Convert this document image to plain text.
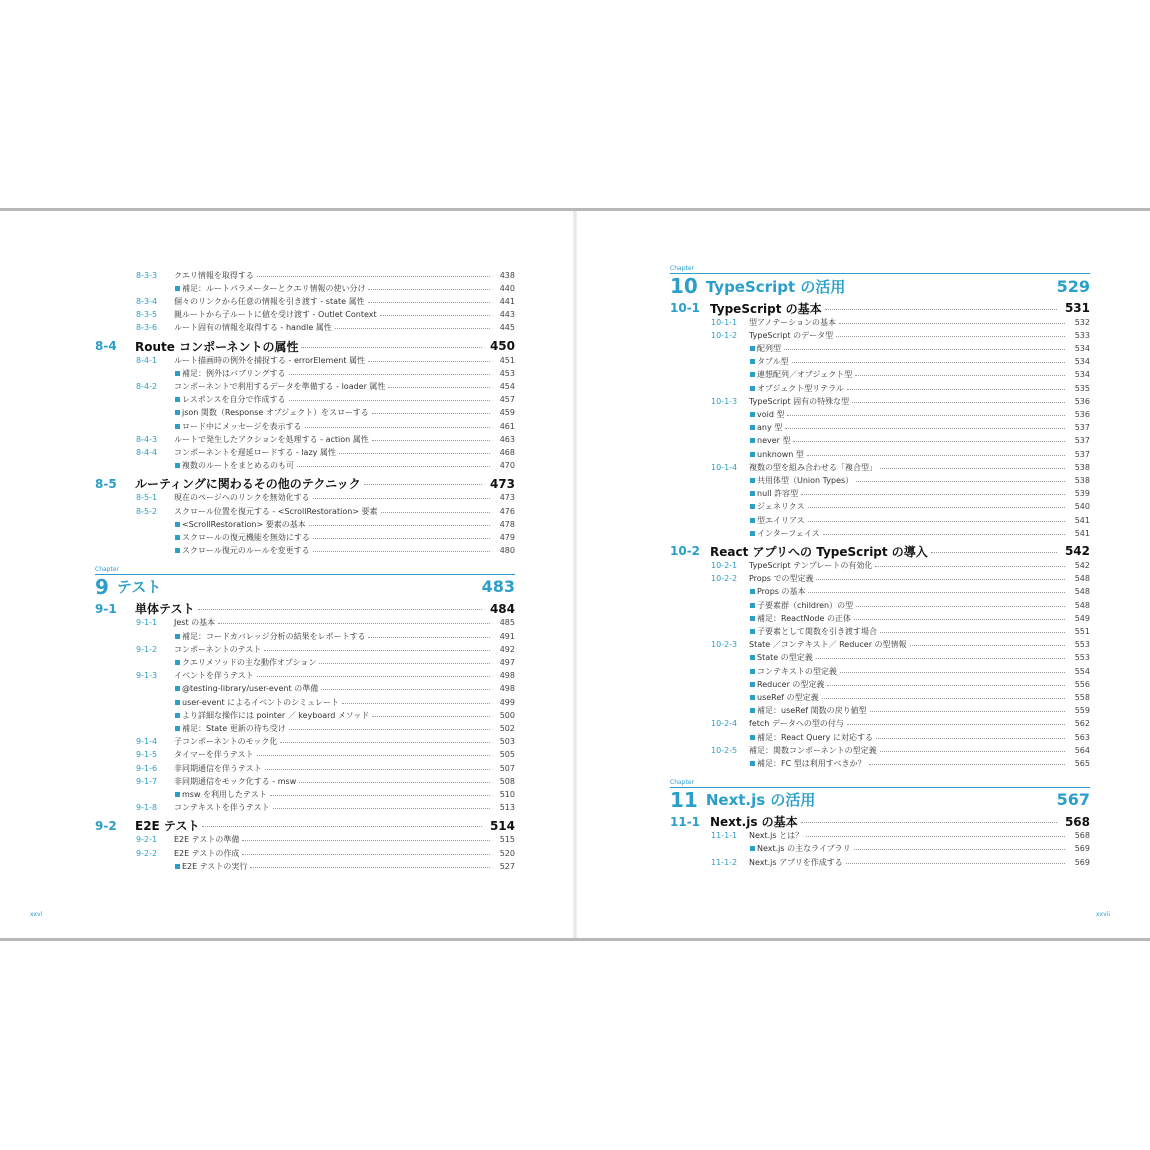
8-3-3	クエリ情報を取得する	438
補足：ルートパラメーターとクエリ情報の使い分け	440
8-3-4	個々のリンクから任意の情報を引き渡す - state 属性	441
8-3-5	親ルートから子ルートに値を受け渡す - Outlet Context	443
8-3-6	ルート固有の情報を取得する - handle 属性	445
8-4	Route コンポーネントの属性	450
8-4-1	ルート描画時の例外を捕捉する - errorElement 属性	451
補足：例外はバブリングする	453
8-4-2	コンポーネントで利用するデータを準備する - loader 属性	454
レスポンスを自分で作成する	457
json 関数（Response オブジェクト）をスローする	459
ロード中にメッセージを表示する	461
8-4-3	ルートで発生したアクションを処理する - action 属性	463
8-4-4	コンポーネントを遅延ロードする - lazy 属性	468
複数のルートをまとめるのも可	470
8-5	ルーティングに関わるその他のテクニック	473
8-5-1	現在のページへのリンクを無効化する	473
8-5-2	スクロール位置を復元する - <ScrollRestoration> 要素	476
<ScrollRestoration> 要素の基本	478
スクロールの復元機能を無効にする	479
スクロール復元のルールを変更する	480
Chapter
9 テスト	483
9-1	単体テスト	484
9-1-1	Jest の基本	485
補足：コードカバレッジ分析の結果をレポートする	491
9-1-2	コンポーネントのテスト	492
クエリメソッドの主な動作オプション	497
9-1-3	イベントを伴うテスト	498
@testing-library/user-event の準備	498
user-event によるイベントのシミュレート	499
より詳細な操作には pointer ／ keyboard メソッド	500
補足：State 更新の待ち受け	502
9-1-4	子コンポーネントのモック化	503
9-1-5	タイマーを伴うテスト	505
9-1-6	非同期通信を伴うテスト	507
9-1-7	非同期通信をモック化する - msw	508
msw を利用したテスト	510
9-1-8	コンテキストを伴うテスト	513
9-2	E2E テスト	514
9-2-1	E2E テストの準備	515
9-2-2	E2E テストの作成	520
E2E テストの実行	527
xxvi
Chapter
10 TypeScript の活用	529
10-1 TypeScript の基本	531
10-1-1	型アノテーションの基本	532
10-1-2	TypeScript のデータ型	533
配列型	534
タプル型	534
連想配列／オブジェクト型	534
オブジェクト型リテラル	535
10-1-3	TypeScript 固有の特殊な型	536
void 型	536
any 型	537
never 型	537
unknown 型	537
10-1-4	複数の型を組み合わせる「複合型」	538
共用体型（Union Types）	538
null 許容型	539
ジェネリクス	540
型エイリアス	541
インターフェイス	541
10-2 React アプリへの TypeScript の導入	542
10-2-1	TypeScript テンプレートの有効化	542
10-2-2	Props での型定義	548
Props の基本	548
子要素群（children）の型	548
補足：ReactNode の正体	549
子要素として関数を引き渡す場合	551
10-2-3	State ／コンテキスト／ Reducer の型情報	553
State の型定義	553
コンテキストの型定義	554
Reducer の型定義	556
useRef の型定義	558
補足：useRef 関数の戻り値型	559
10-2-4	fetch データへの型の付与	562
補足：React Query に対応する	563
10-2-5	補足：関数コンポーネントの型定義	564
補足：FC 型は利用すべきか？	565
Chapter
11 Next.js の活用	567
11-1 Next.js の基本	568
11-1-1	Next.js とは？	568
Next.js の主なライブラリ	569
11-1-2	Next.js アプリを作成する	569
xxvii
